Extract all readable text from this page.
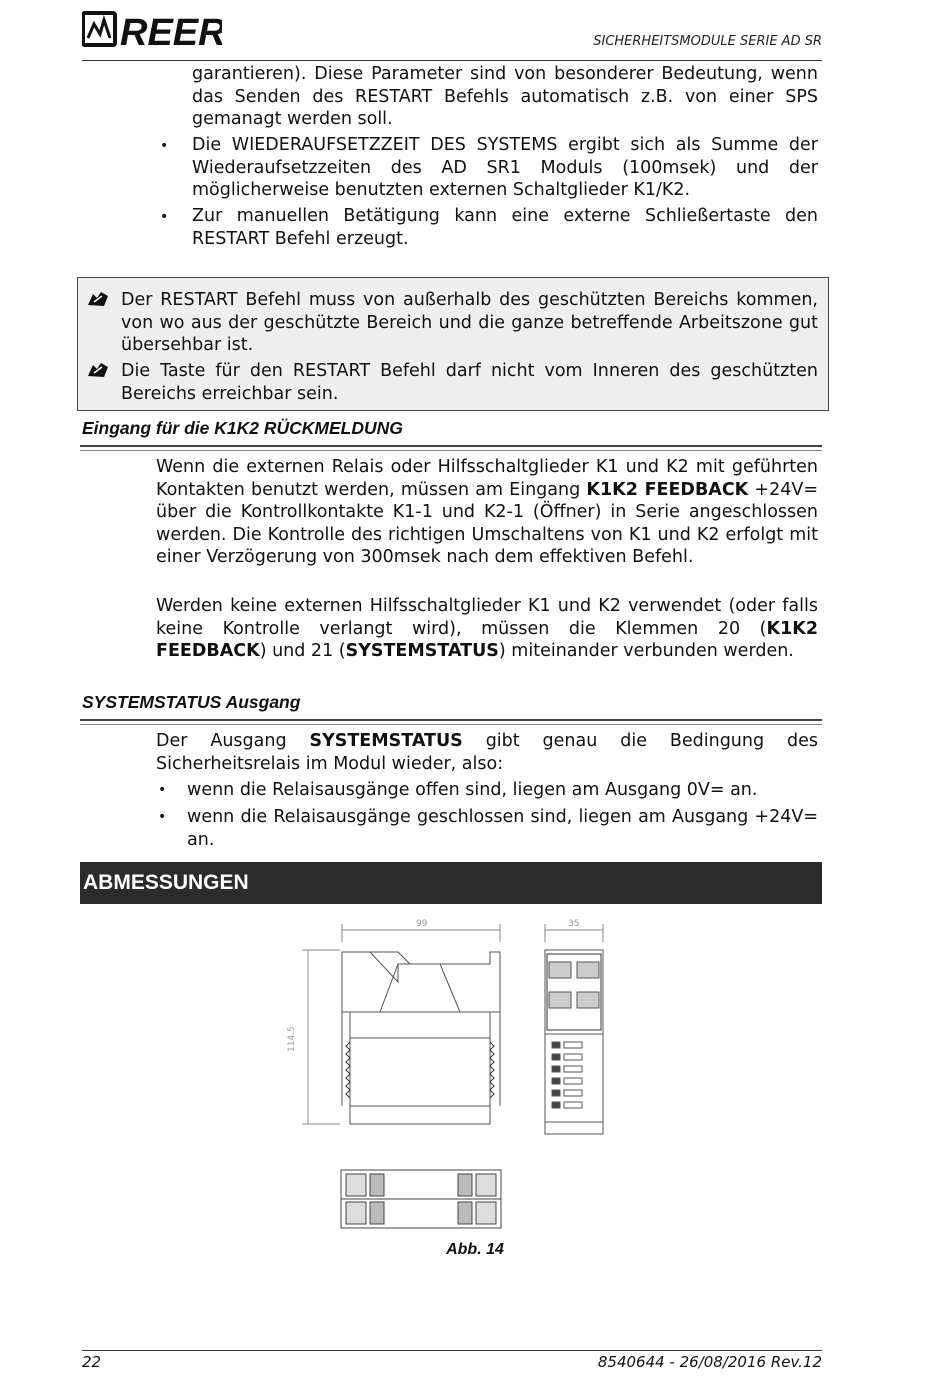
REER	SICHERHEITSMODULE SERIE AD SR
garantieren). Diese Parameter sind von besonderer Bedeutung, wenn das Senden des RESTART Befehls automatisch z.B. von einer SPS gemanagt werden soll.
• Die WIEDERAUFSETZZEIT DES SYSTEMS ergibt sich als Summe der Wiederaufsetzzeiten des AD SR1 Moduls (100msek) und der möglicherweise benutzten externen Schaltglieder K1/K2.
• Zur manuellen Betätigung kann eine externe Schließertaste den RESTART Befehl erzeugt.
Der RESTART Befehl muss von außerhalb des geschützten Bereichs kommen, von wo aus der geschützte Bereich und die ganze betreffende Arbeitszone gut übersehbar ist.
Die Taste für den RESTART Befehl darf nicht vom Inneren des geschützten Bereichs erreichbar sein.
Eingang für die K1K2 RÜCKMELDUNG
Wenn die externen Relais oder Hilfsschaltglieder K1 und K2 mit geführten Kontakten benutzt werden, müssen am Eingang K1K2 FEEDBACK +24V= über die Kontrollkontakte K1-1 und K2-1 (Öffner) in Serie angeschlossen werden. Die Kontrolle des richtigen Umschaltens von K1 und K2 erfolgt mit einer Verzögerung von 300msek nach dem effektiven Befehl.
Werden keine externen Hilfsschaltglieder K1 und K2 verwendet (oder falls keine Kontrolle verlangt wird), müssen die Klemmen 20 (K1K2 FEEDBACK) und 21 (SYSTEMSTATUS) miteinander verbunden werden.
SYSTEMSTATUS Ausgang
Der Ausgang SYSTEMSTATUS gibt genau die Bedingung des Sicherheitsrelais im Modul wieder, also:
• wenn die Relaisausgänge offen sind, liegen am Ausgang 0V= an.
• wenn die Relaisausgänge geschlossen sind, liegen am Ausgang +24V= an.
ABMESSUNGEN
99
114.5
35
Abb. 14
22	8540644 - 26/08/2016 Rev.12
